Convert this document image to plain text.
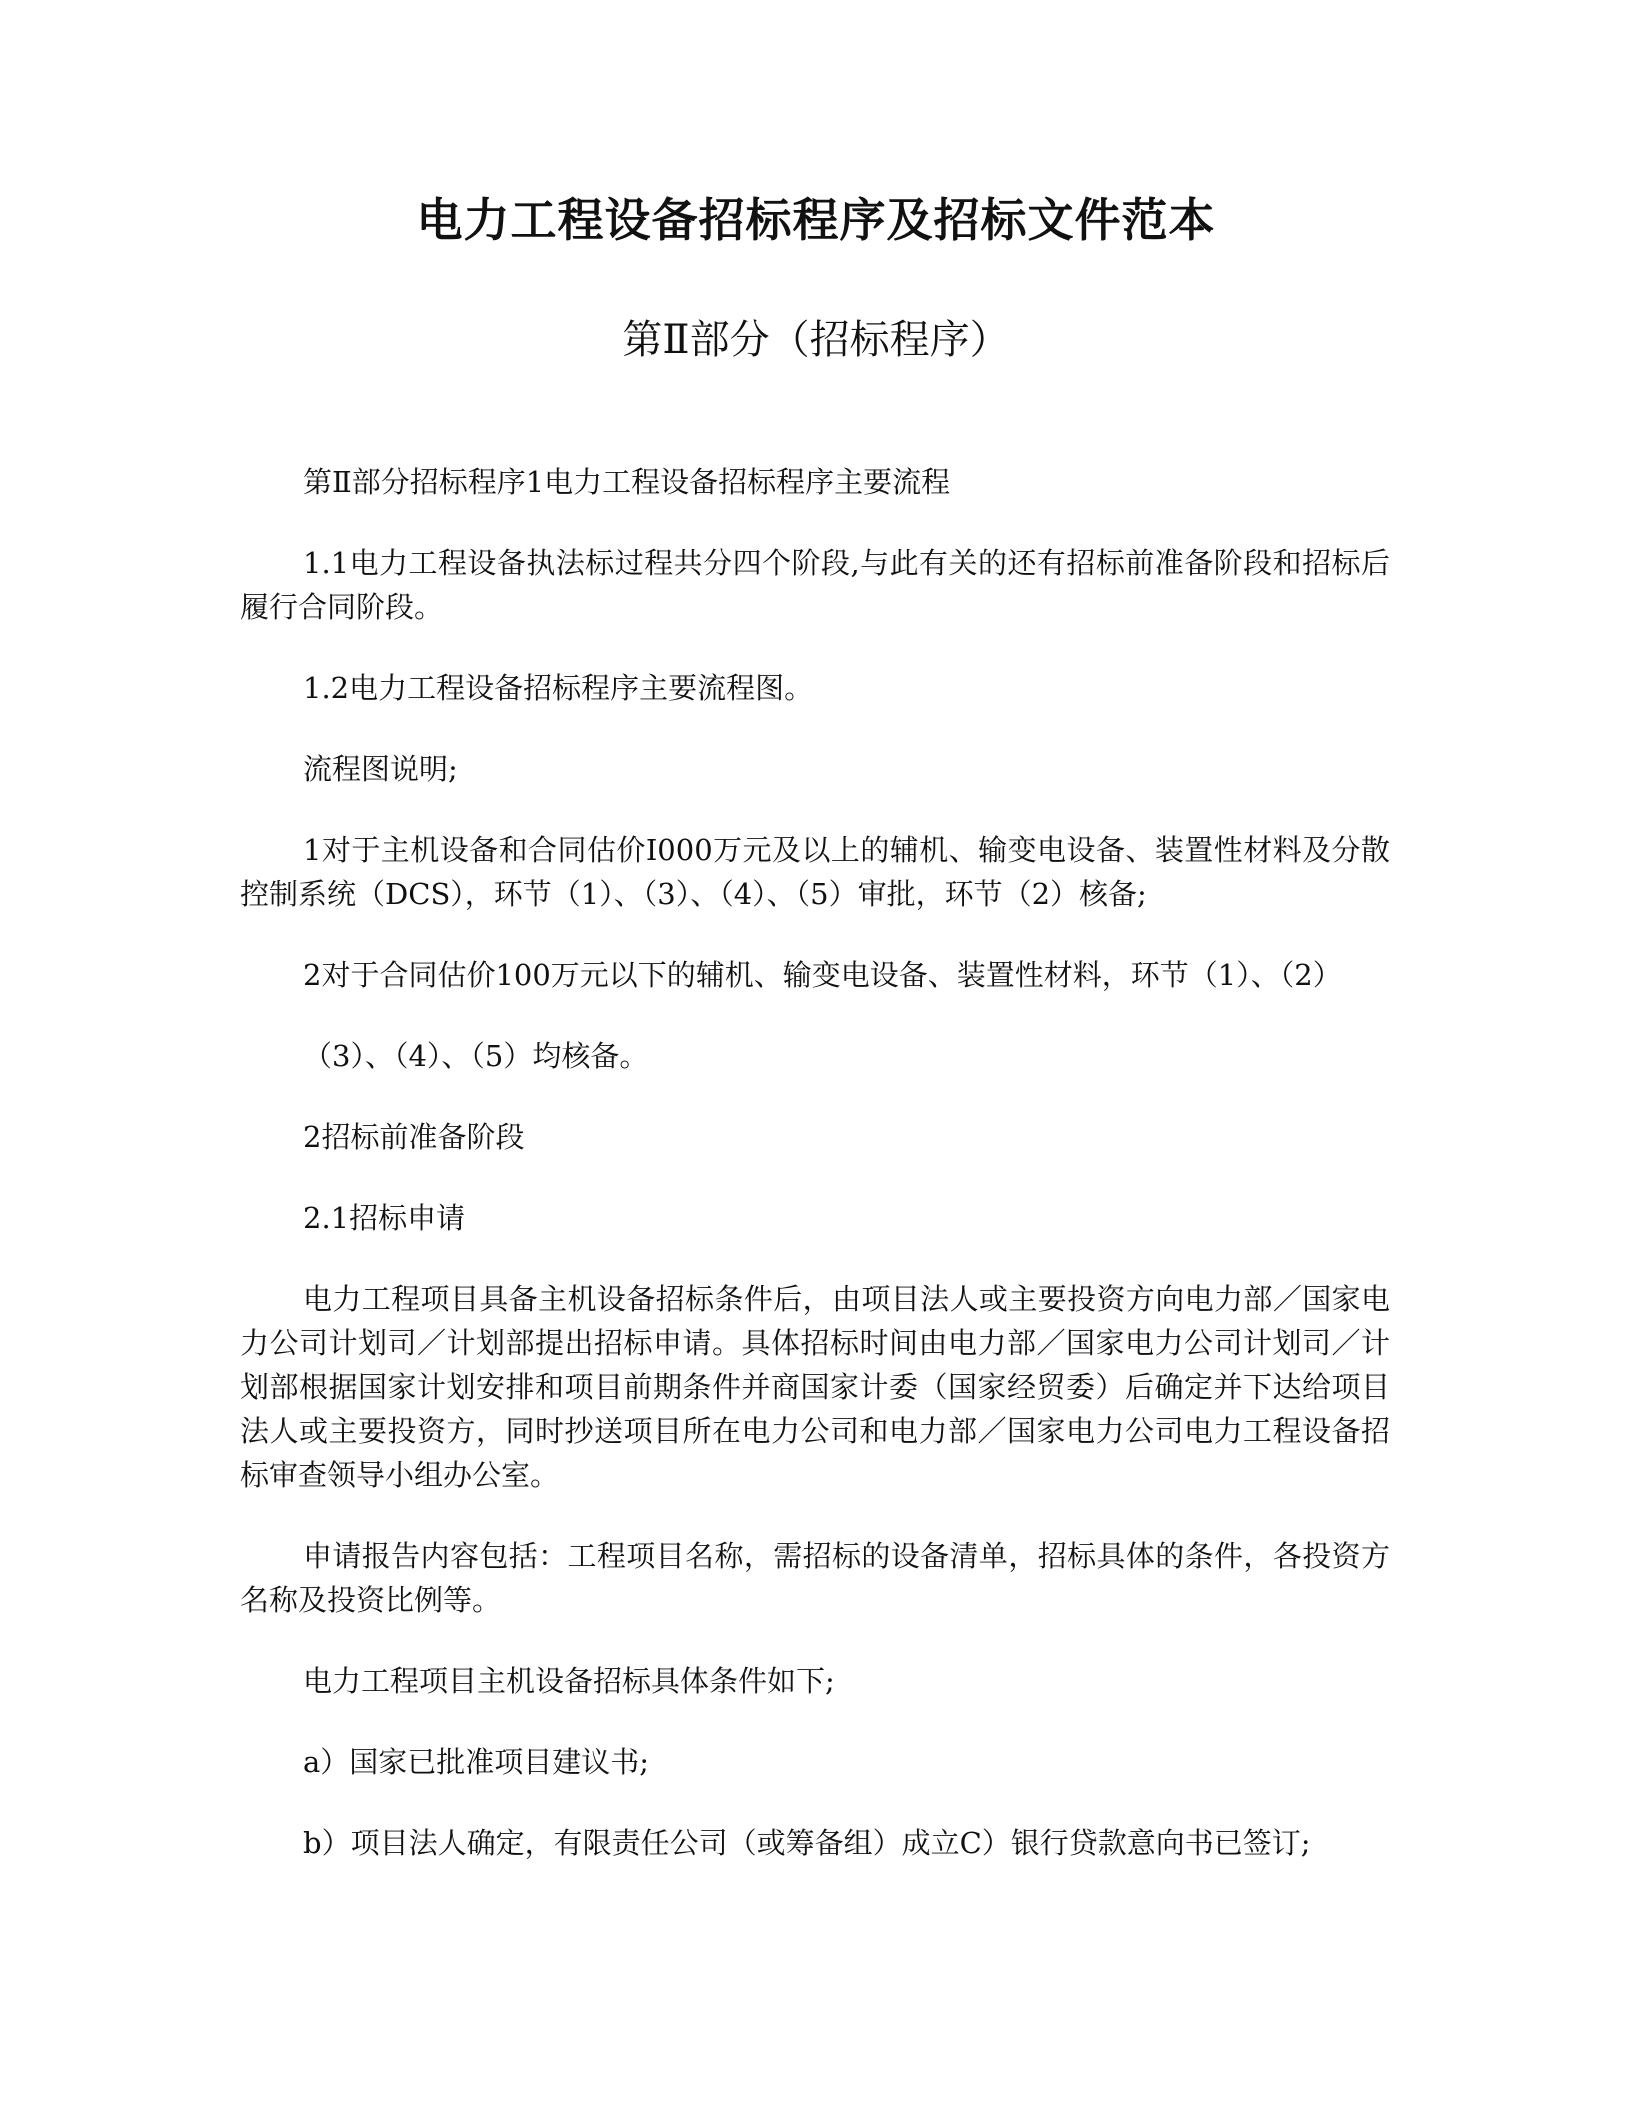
电力工程设备招标程序及招标文件范本
第Ⅱ部分（招标程序）

第Ⅱ部分招标程序1电力工程设备招标程序主要流程

1.1电力工程设备执法标过程共分四个阶段,与此有关的还有招标前准备阶段和招标后履行合同阶段。

1.2电力工程设备招标程序主要流程图。

流程图说明;

1对于主机设备和合同估价I000万元及以上的辅机、输变电设备、装置性材料及分散控制系统（DCS），环节（1）、（3）、（4）、（5）审批，环节（2）核备;

2对于合同估价100万元以下的辅机、输变电设备、装置性材料，环节（1）、（2）

（3）、（4）、（5）均核备。

2招标前准备阶段

2.1招标申请

电力工程项目具备主机设备招标条件后，由项目法人或主要投资方向电力部／国家电力公司计划司／计划部提出招标申请。具体招标时间由电力部／国家电力公司计划司／计划部根据国家计划安排和项目前期条件并商国家计委（国家经贸委）后确定并下达给项目法人或主要投资方，同时抄送项目所在电力公司和电力部／国家电力公司电力工程设备招标审查领导小组办公室。

申请报告内容包括：工程项目名称，需招标的设备清单，招标具体的条件，各投资方名称及投资比例等。

电力工程项目主机设备招标具体条件如下;

a）国家已批准项目建议书;

b）项目法人确定，有限责任公司（或筹备组）成立C）银行贷款意向书已签订;
